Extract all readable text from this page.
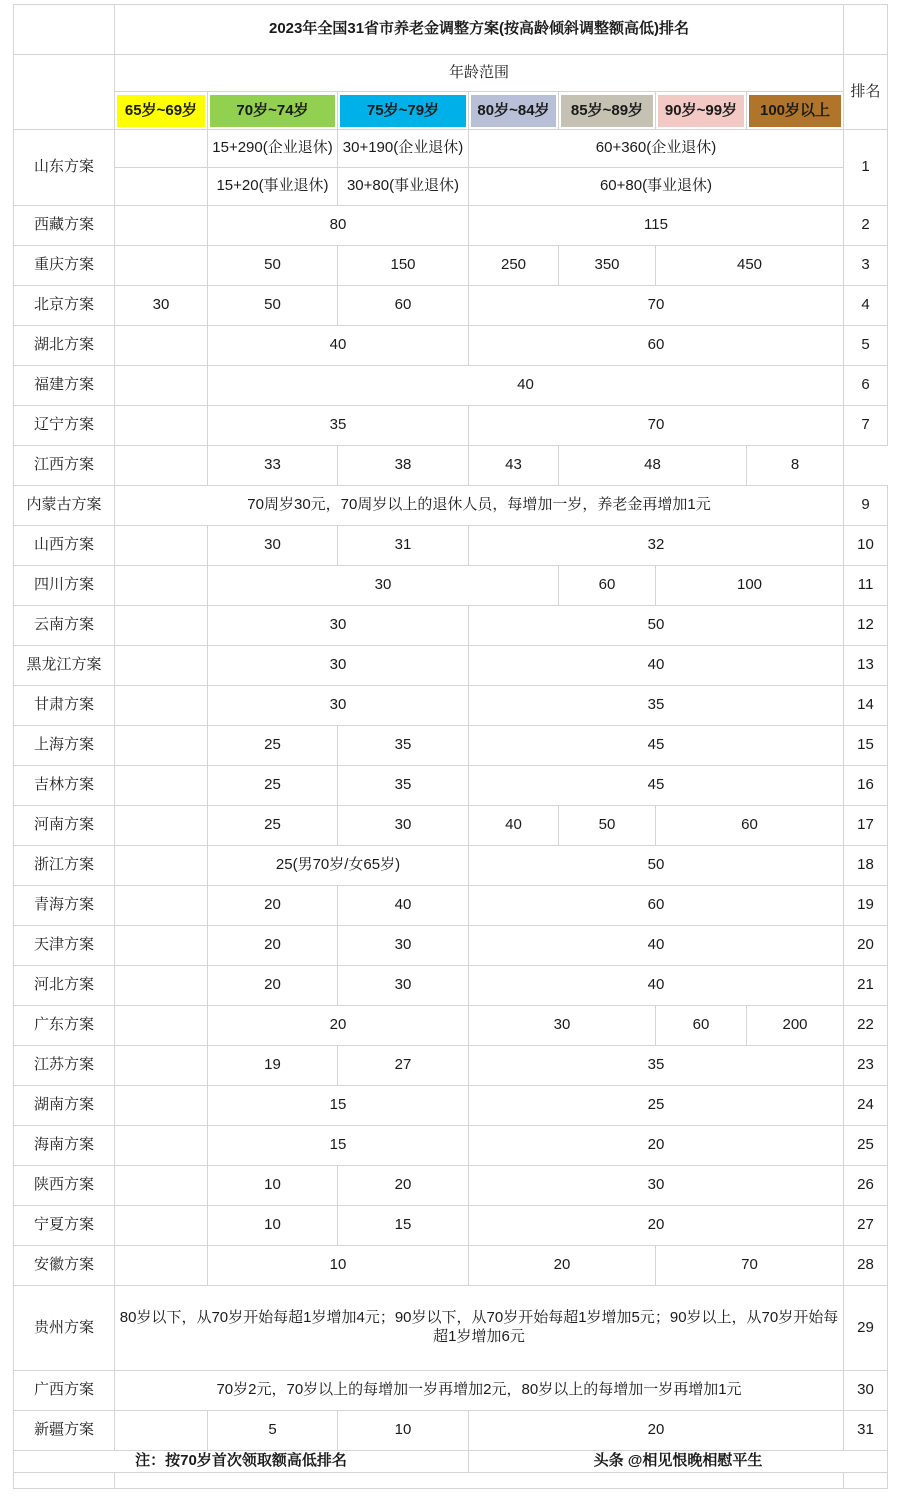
	2023年全国31省市养老金调整方案(按高龄倾斜调整额高低)排名							
	年龄范围							排名

	65岁~69岁	70岁~74岁	75岁~79岁	80岁~84岁	85岁~89岁	90岁~99岁	100岁以上	

山东方案		15+290(企业退休)	30+190(企业退休)	60+360(企业退休)				1
		15+20(事业退休)	30+80(事业退休)	60+80(事业退休)				
西藏方案		80		115				2
重庆方案		50	150	250	350	450		3
北京方案	30	50	60	70				4
湖北方案		40		60				5
福建方案		40						6
辽宁方案		35		70				7
江西方案		33	38	43	48		8	
内蒙古方案	70周岁30元，70周岁以上的退休人员，每增加一岁，养老金再增加1元							9
山西方案		30	31	32				10
四川方案		30			60	100		11
云南方案		30		50				12
黑龙江方案		30		40				13
甘肃方案		30		35				14
上海方案		25	35	45				15
吉林方案		25	35	45				16
河南方案		25	30	40	50	60		17
浙江方案		25(男70岁/女65岁)		50				18
青海方案		20	40	60				19
天津方案		20	30	40				20
河北方案		20	30	40				21
广东方案		20		30		60	200	22
江苏方案		19	27	35				23
湖南方案		15		25				24
海南方案		15		20				25
陕西方案		10	20	30				26
宁夏方案		10	15	20				27
安徽方案		10		20		70		28
贵州方案	80岁以下，从70岁开始每超1岁增加4元；90岁以下，从70岁开始每超1岁增加5元；90岁以上，从70岁开始每超1岁增加6元							29
广西方案	70岁2元，70岁以上的每增加一岁再增加2元，80岁以上的每增加一岁再增加1元							30
新疆方案		5	10	20				31
注：按70岁首次领取额高低排名				头条 @相见恨晚相慰平生				
